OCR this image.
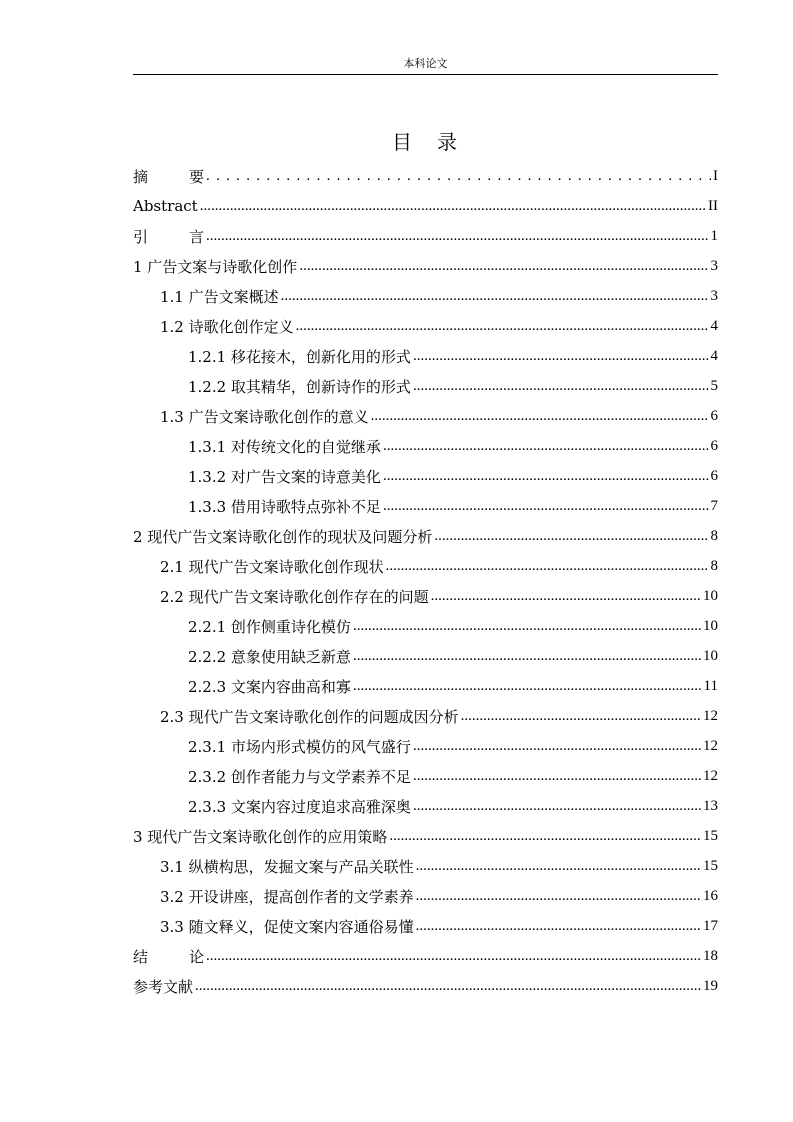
本科论文
目 录
摘	要 .....	I
Abstract .....	II
引	言 .....	1
1 广告文案与诗歌化创作 .....	3
1.1 广告文案概述 .....	3
1.2 诗歌化创作定义 .....	4
1.2.1 移花接木，创新化用的形式 .....	4
1.2.2 取其精华，创新诗作的形式 .....	5
1.3 广告文案诗歌化创作的意义 .....	6
1.3.1 对传统文化的自觉继承 .....	6
1.3.2 对广告文案的诗意美化 .....	6
1.3.3 借用诗歌特点弥补不足 .....	7
2 现代广告文案诗歌化创作的现状及问题分析 .....	8
2.1 现代广告文案诗歌化创作现状 .....	8
2.2 现代广告文案诗歌化创作存在的问题 .....	10
2.2.1 创作侧重诗化模仿 .....	10
2.2.2 意象使用缺乏新意 .....	10
2.2.3 文案内容曲高和寡 .....	11
2.3 现代广告文案诗歌化创作的问题成因分析 .....	12
2.3.1 市场内形式模仿的风气盛行 .....	12
2.3.2 创作者能力与文学素养不足 .....	12
2.3.3 文案内容过度追求高雅深奥 .....	13
3 现代广告文案诗歌化创作的应用策略 .....	15
3.1 纵横构思，发掘文案与产品关联性 .....	15
3.2 开设讲座，提高创作者的文学素养 .....	16
3.3 随文释义，促使文案内容通俗易懂 .....	17
结	论 .....	18
参考文献 .....	19
